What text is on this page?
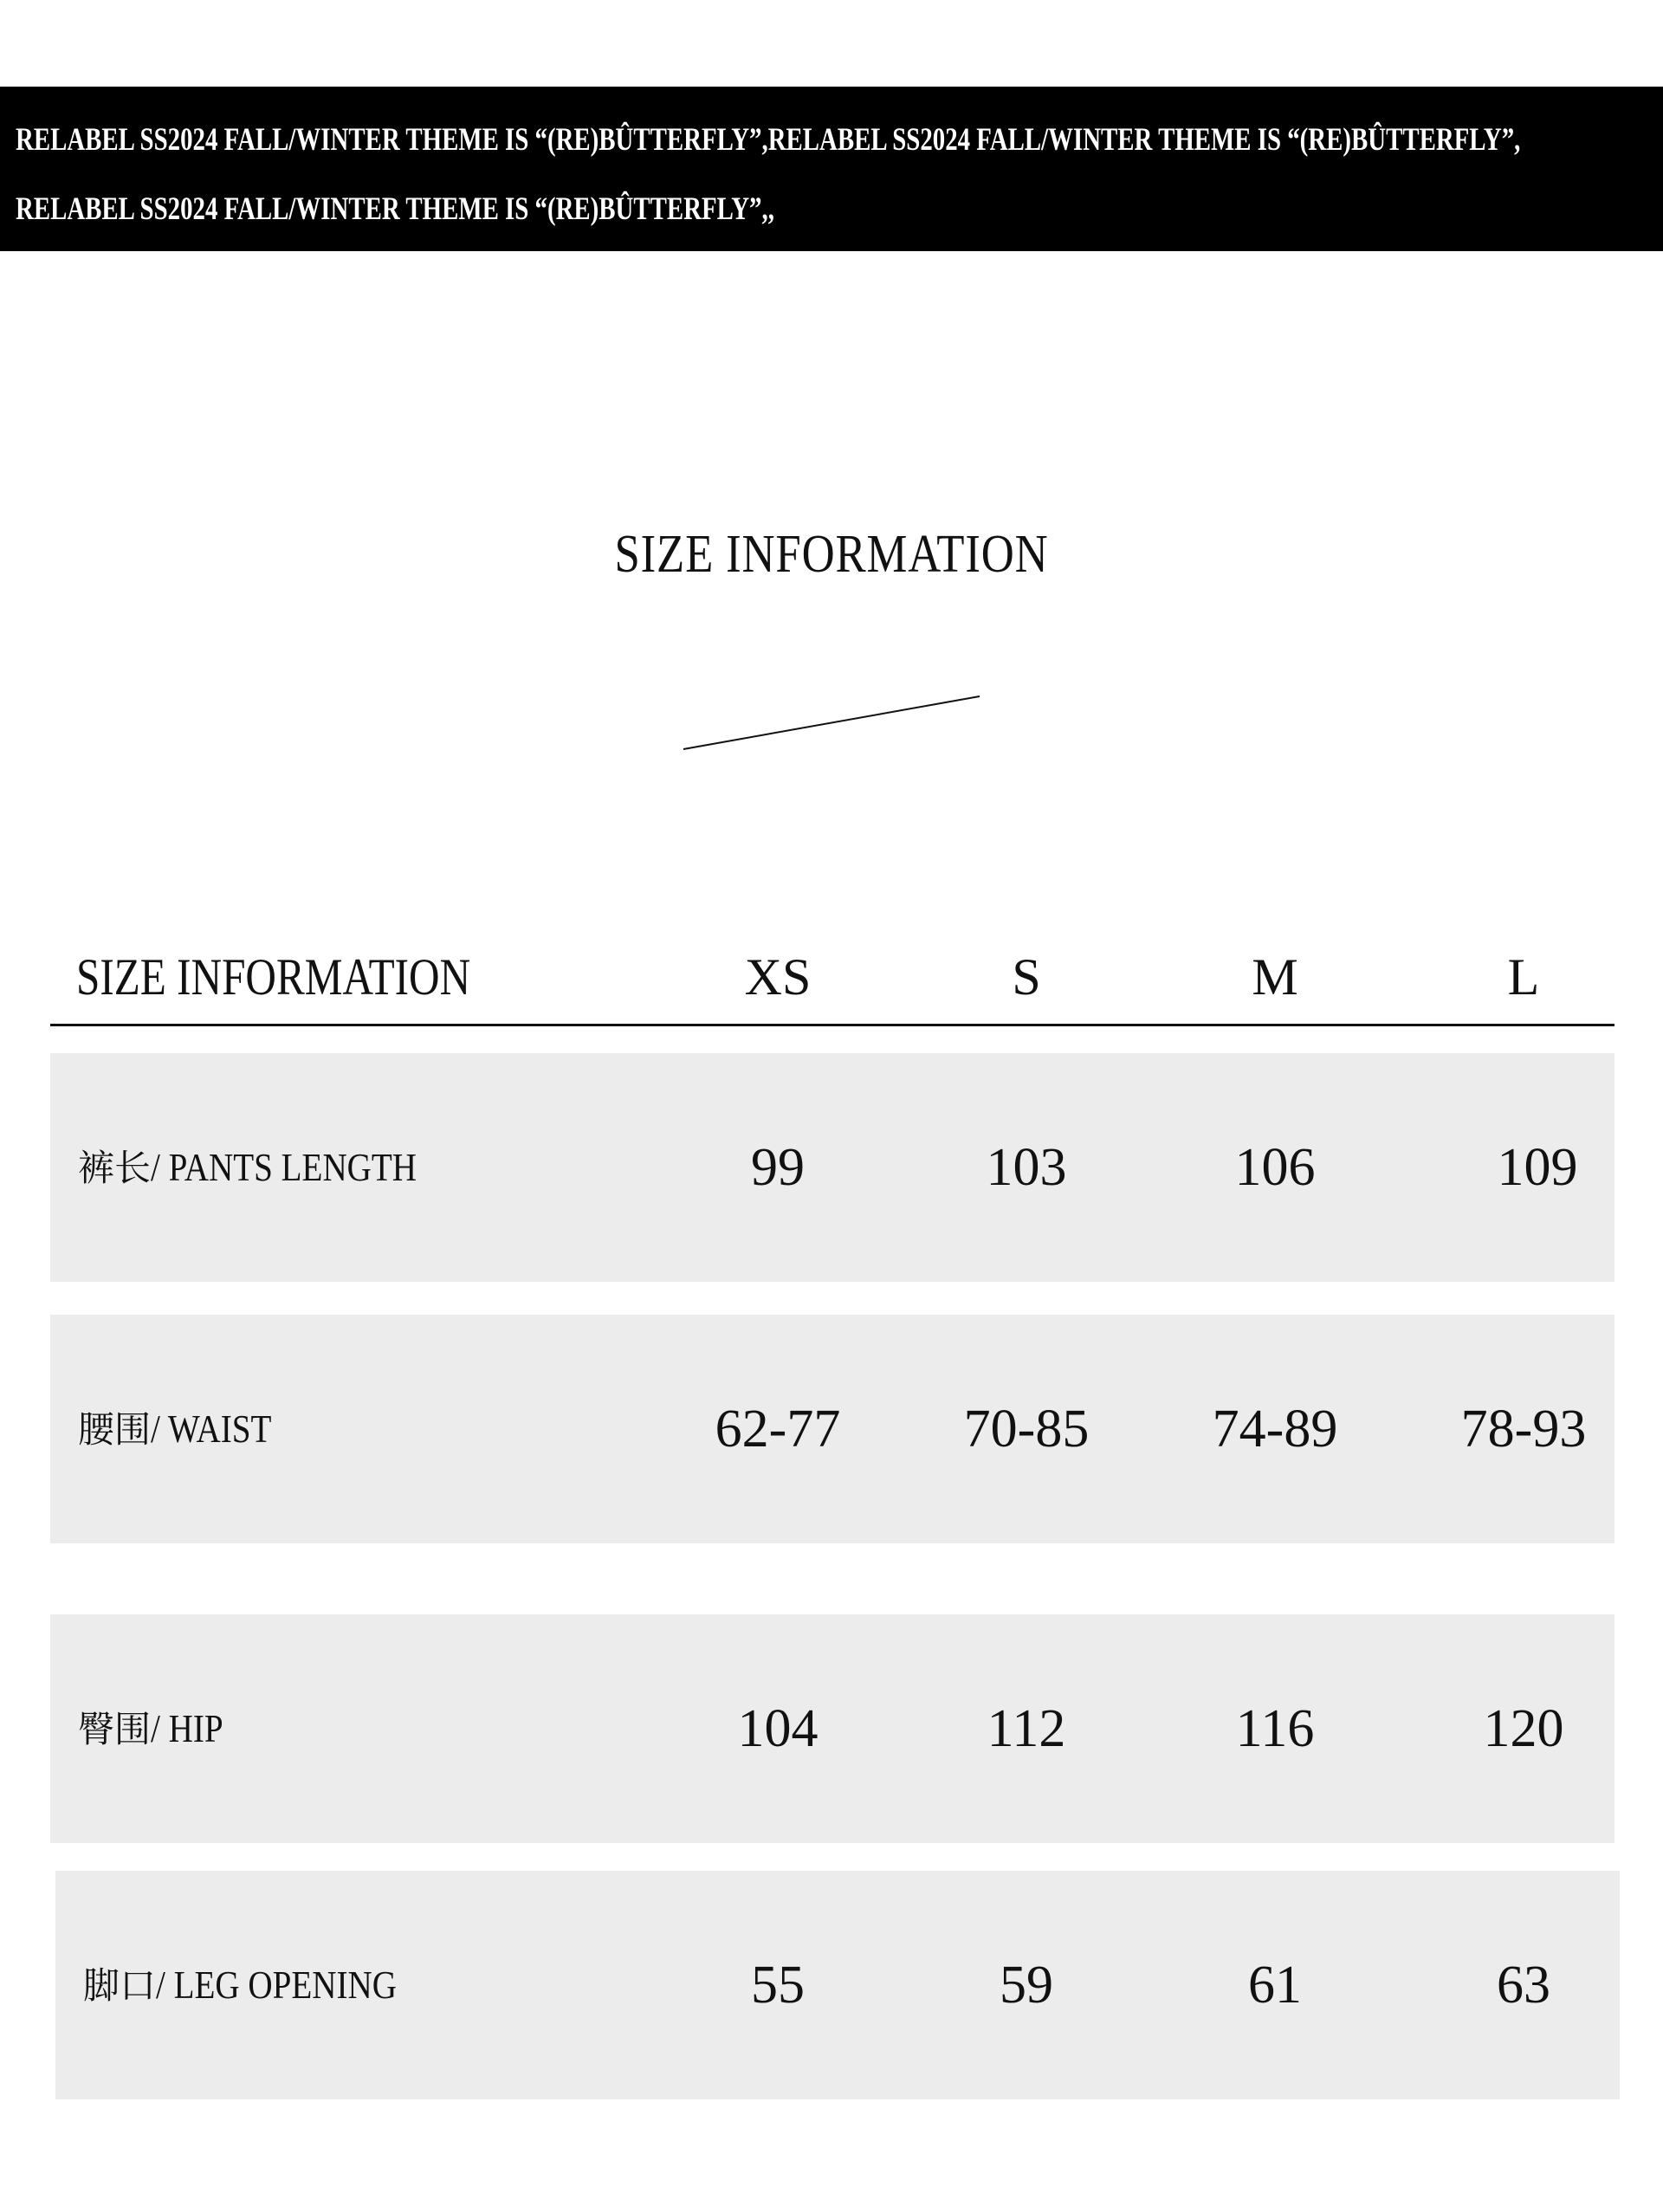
RELABEL SS2024 FALL/WINTER THEME IS “(RE)BÛTTERFLY”,RELABEL SS2024 FALL/WINTER THEME IS “(RE)BÛTTERFLY”,
RELABEL SS2024 FALL/WINTER THEME IS “(RE)BÛTTERFLY”,,
SIZE INFORMATION
SIZE INFORMATION	XS	S	M	L
裤长/ PANTS LENGTH	99	103	106	109
腰围/ WAIST	62-77	70-85	74-89	78-93
臀围/ HIP	104	112	116	120
脚口/ LEG OPENING	55	59	61	63
